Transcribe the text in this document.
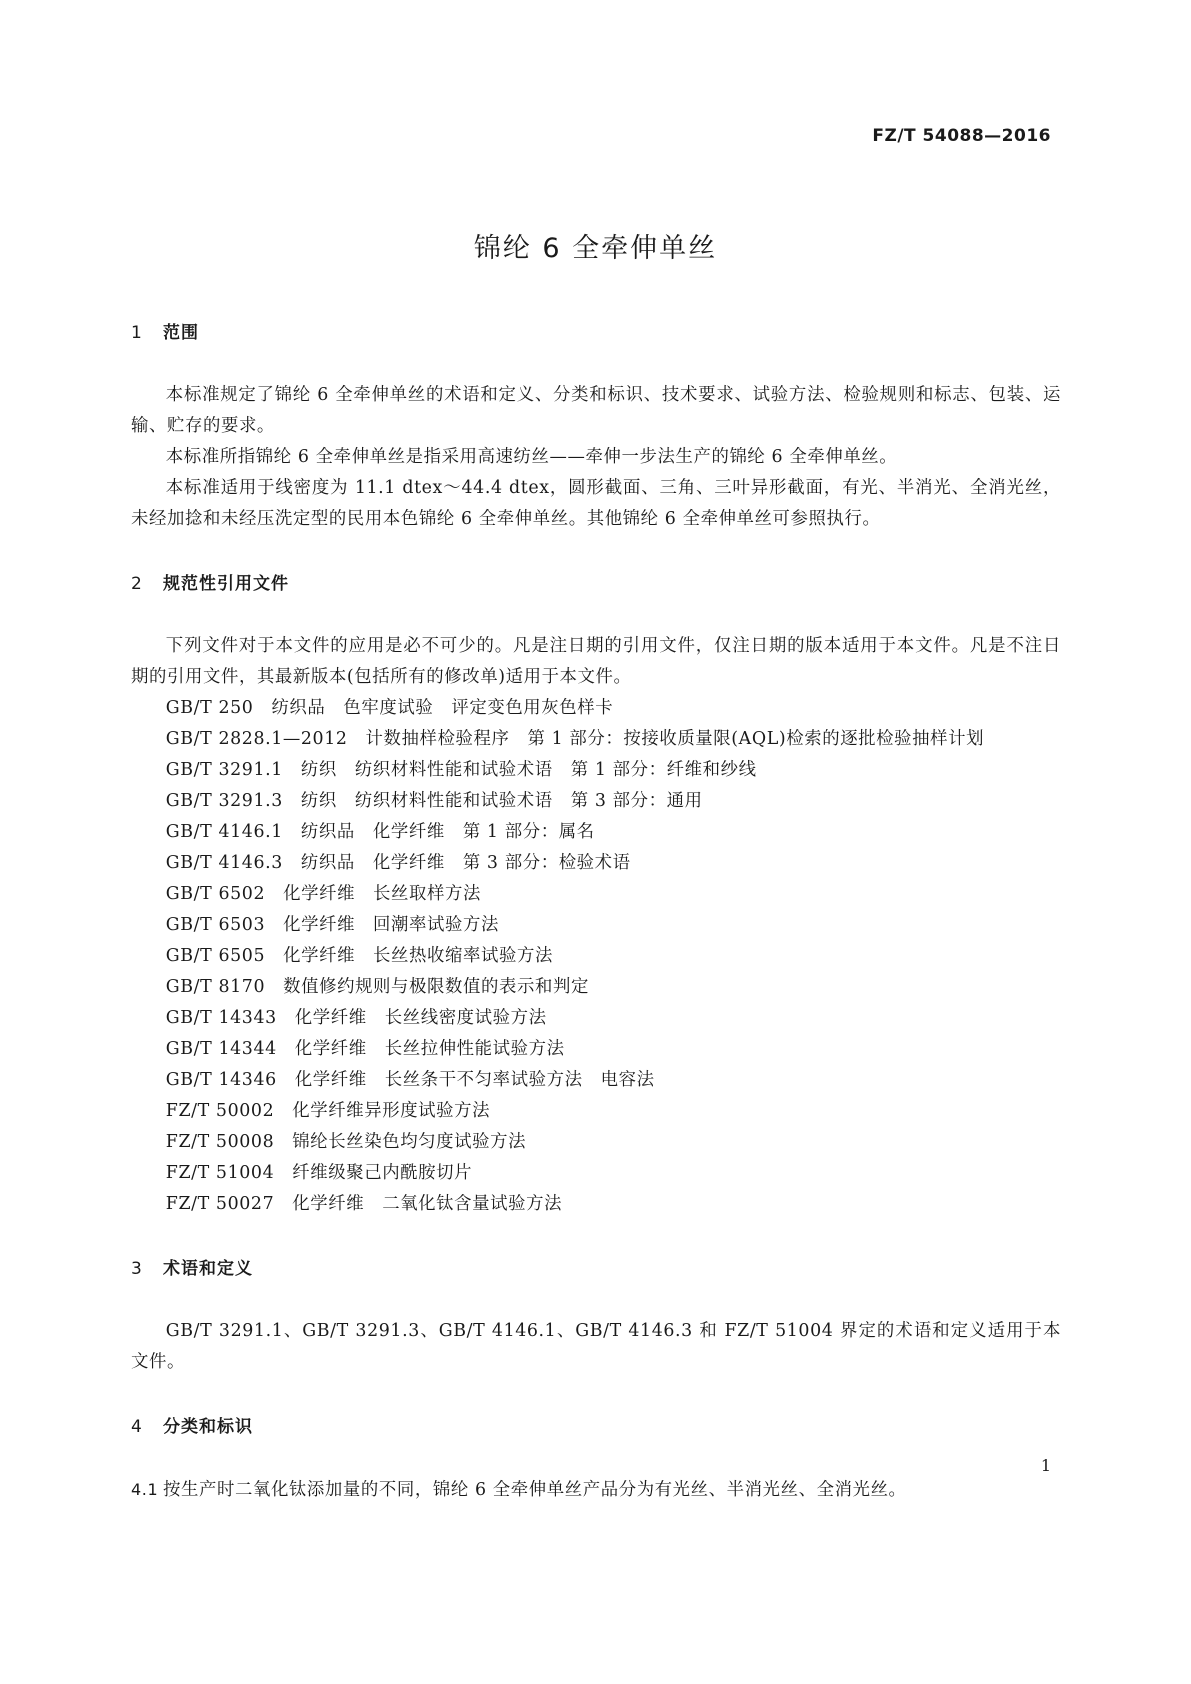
FZ/T 54088—2016
锦纶 6 全牵伸单丝
1 范围

本标准规定了锦纶 6 全牵伸单丝的术语和定义、分类和标识、技术要求、试验方法、检验规则和标志、包装、运输、贮存的要求。

本标准所指锦纶 6 全牵伸单丝是指采用高速纺丝——牵伸一步法生产的锦纶 6 全牵伸单丝。

本标准适用于线密度为 11.1 dtex～44.4 dtex，圆形截面、三角、三叶异形截面，有光、半消光、全消光丝，未经加捻和未经压洗定型的民用本色锦纶 6 全牵伸单丝。其他锦纶 6 全牵伸单丝可参照执行。

2 规范性引用文件

下列文件对于本文件的应用是必不可少的。凡是注日期的引用文件，仅注日期的版本适用于本文件。凡是不注日期的引用文件，其最新版本(包括所有的修改单)适用于本文件。

GB/T 250　纺织品　色牢度试验　评定变色用灰色样卡
GB/T 2828.1—2012　计数抽样检验程序　第 1 部分：按接收质量限(AQL)检索的逐批检验抽样计划
GB/T 3291.1　纺织　纺织材料性能和试验术语　第 1 部分：纤维和纱线
GB/T 3291.3　纺织　纺织材料性能和试验术语　第 3 部分：通用
GB/T 4146.1　纺织品　化学纤维　第 1 部分：属名
GB/T 4146.3　纺织品　化学纤维　第 3 部分：检验术语
GB/T 6502　化学纤维　长丝取样方法
GB/T 6503　化学纤维　回潮率试验方法
GB/T 6505　化学纤维　长丝热收缩率试验方法
GB/T 8170　数值修约规则与极限数值的表示和判定
GB/T 14343　化学纤维　长丝线密度试验方法
GB/T 14344　化学纤维　长丝拉伸性能试验方法
GB/T 14346　化学纤维　长丝条干不匀率试验方法　电容法
FZ/T 50002　化学纤维异形度试验方法
FZ/T 50008　锦纶长丝染色均匀度试验方法
FZ/T 51004　纤维级聚己内酰胺切片
FZ/T 50027　化学纤维　二氧化钛含量试验方法
3 术语和定义

GB/T 3291.1、GB/T 3291.3、GB/T 4146.1、GB/T 4146.3 和 FZ/T 51004 界定的术语和定义适用于本文件。

4 分类和标识
4.1 按生产时二氧化钛添加量的不同，锦纶 6 全牵伸单丝产品分为有光丝、半消光丝、全消光丝。
1
